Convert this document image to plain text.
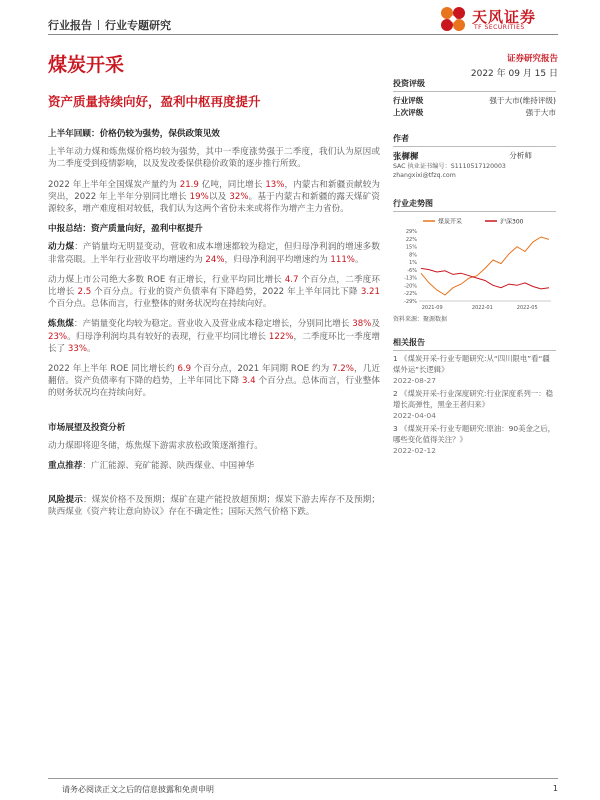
行业报告 行业专题研究	天风证券
TF SECURITIES
煤炭开采	证券研究报告
2022 年 09 月 15 日
资产质量持续向好，盈利中枢再度提升
上半年回顾：价格仍较为强势，保供政策见效

上半年动力煤和炼焦煤价格均较为强势，其中一季度涨势强于二季度，我们认为原因或为二季度受到疫情影响，以及发改委保供稳价政策的逐步推行所致。

2022 年上半年全国煤炭产量约为 21.9 亿吨，同比增长 13%，内蒙古和新疆贡献较为突出，2022 年上半年分别同比增长 19%以及 32%。基于内蒙古和新疆的露天煤矿资源较多，增产难度相对较低，我们认为这两个省份未来或将作为增产主力省份。

中报总结：资产质量向好，盈利中枢提升

动力煤：产销量均无明显变动，营收和成本增速都较为稳定，但归母净利润的增速多数非常亮眼。上半年行业营收平均增速约为 24%，归母净利润平均增速约为 111%。

动力煤上市公司绝大多数 ROE 有正增长，行业平均同比增长 4.7 个百分点，二季度环比增长 2.5 个百分点。行业的资产负债率有下降趋势，2022 年上半年同比下降 3.21 个百分点。总体而言，行业整体的财务状况均在持续向好。

炼焦煤：产销量变化均较为稳定。营业收入及营业成本稳定增长，分别同比增长 38%及 23%。归母净利润均具有较好的表现，行业平均同比增长 122%，二季度环比一季度增长了 33%。

2022 年上半年 ROE 同比增长约 6.9 个百分点，2021 年同期 ROE 约为 7.2%，几近翻倍。资产负债率有下降的趋势，上半年同比下降 3.4 个百分点。总体而言，行业整体的财务状况均在持续向好。

市场展望及投资分析

动力煤即将迎冬储，炼焦煤下游需求放松政策逐渐推行。

重点推荐：广汇能源、兖矿能源、陕西煤业、中国神华

风险提示：煤炭价格不及预期；煤矿在建产能投放超预期；煤炭下游去库存不及预期；陕西煤业《资产转让意向协议》存在不确定性；国际天然气价格下跌。

投资评级
行业评级	强于大市(维持评级)
上次评级	强于大市
作者
张樨樨	分析师
SAC 执业证书编号：S1110517120003
zhangxixi@tfzq.com
行业走势图
煤炭开采	沪深300
29%
22%
15%
8%
1%
-6%
-13%
-20%
-22%
-29%
2021-09	2022-01	2022-05
资料来源：聚源数据
相关报告
1 《煤炭开采-行业专题研究:从“四川限电”看“疆煤外运”长逻辑》
2022-08-27
2 《煤炭开采-行业深度研究:行业深度系列一：稳增长高弹性，黑金王者归来》
2022-04-04
3 《煤炭开采-行业专题研究:原油：90美金之后，哪些变化值得关注？》
2022-02-12
请务必阅读正文之后的信息披露和免责申明	1
